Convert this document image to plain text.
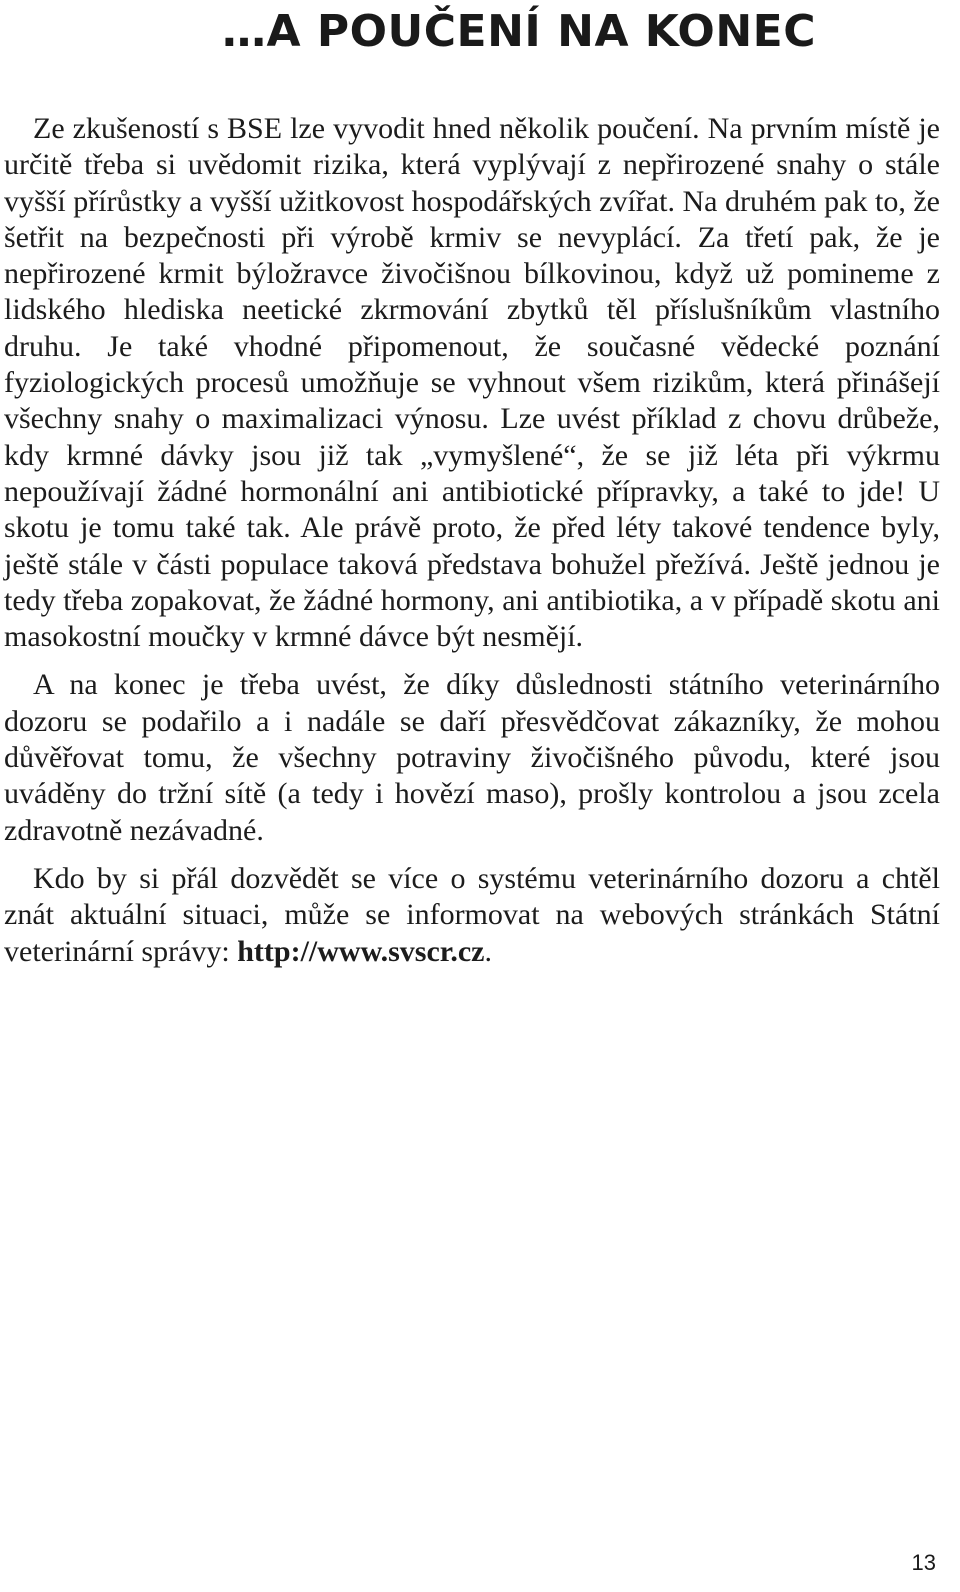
…A POUČENÍ NA KONEC

Ze zkušeností s BSE lze vyvodit hned několik poučení. Na prvním místě je určitě třeba si uvědomit rizika, která vyplývají z nepřirozené snahy o stále vyšší přírůstky a vyšší užitkovost hospodářských zvířat. Na druhém pak to, že šetřit na bezpečnosti při výrobě krmiv se nevyplácí. Za třetí pak, že je nepřirozené krmit býložravce živočišnou bílkovinou, když už pomineme z lidského hlediska neetické zkrmování zbytků těl příslušníkům vlastního druhu. Je také vhodné připomenout, že současné vědecké poznání fyziologických procesů umožňuje se vyhnout všem rizikům, která přinášejí všechny snahy o maximalizaci výnosu. Lze uvést příklad z chovu drůbeže, kdy krmné dávky jsou již tak „vymyšlené“, že se již léta při výkrmu nepoužívají žádné hormonální ani antibiotické přípravky, a také to jde! U skotu je tomu také tak. Ale právě proto, že před léty takové tendence byly, ještě stále v části populace taková představa bohužel přežívá. Ještě jednou je tedy třeba zopakovat, že žádné hormony, ani antibiotika, a v případě skotu ani masokostní moučky v krmné dávce být nesmějí.

A na konec je třeba uvést, že díky důslednosti státního veterinárního dozoru se podařilo a i nadále se daří přesvědčovat zákazníky, že mohou důvěřovat tomu, že všechny potraviny živočišného původu, které jsou uváděny do tržní sítě (a tedy i hovězí maso), prošly kontrolou a jsou zcela zdravotně nezávadné.

Kdo by si přál dozvědět se více o systému veterinárního dozoru a chtěl znát aktuální situaci, může se informovat na webových stránkách Státní veterinární správy: http://www.svscr.cz.

13
